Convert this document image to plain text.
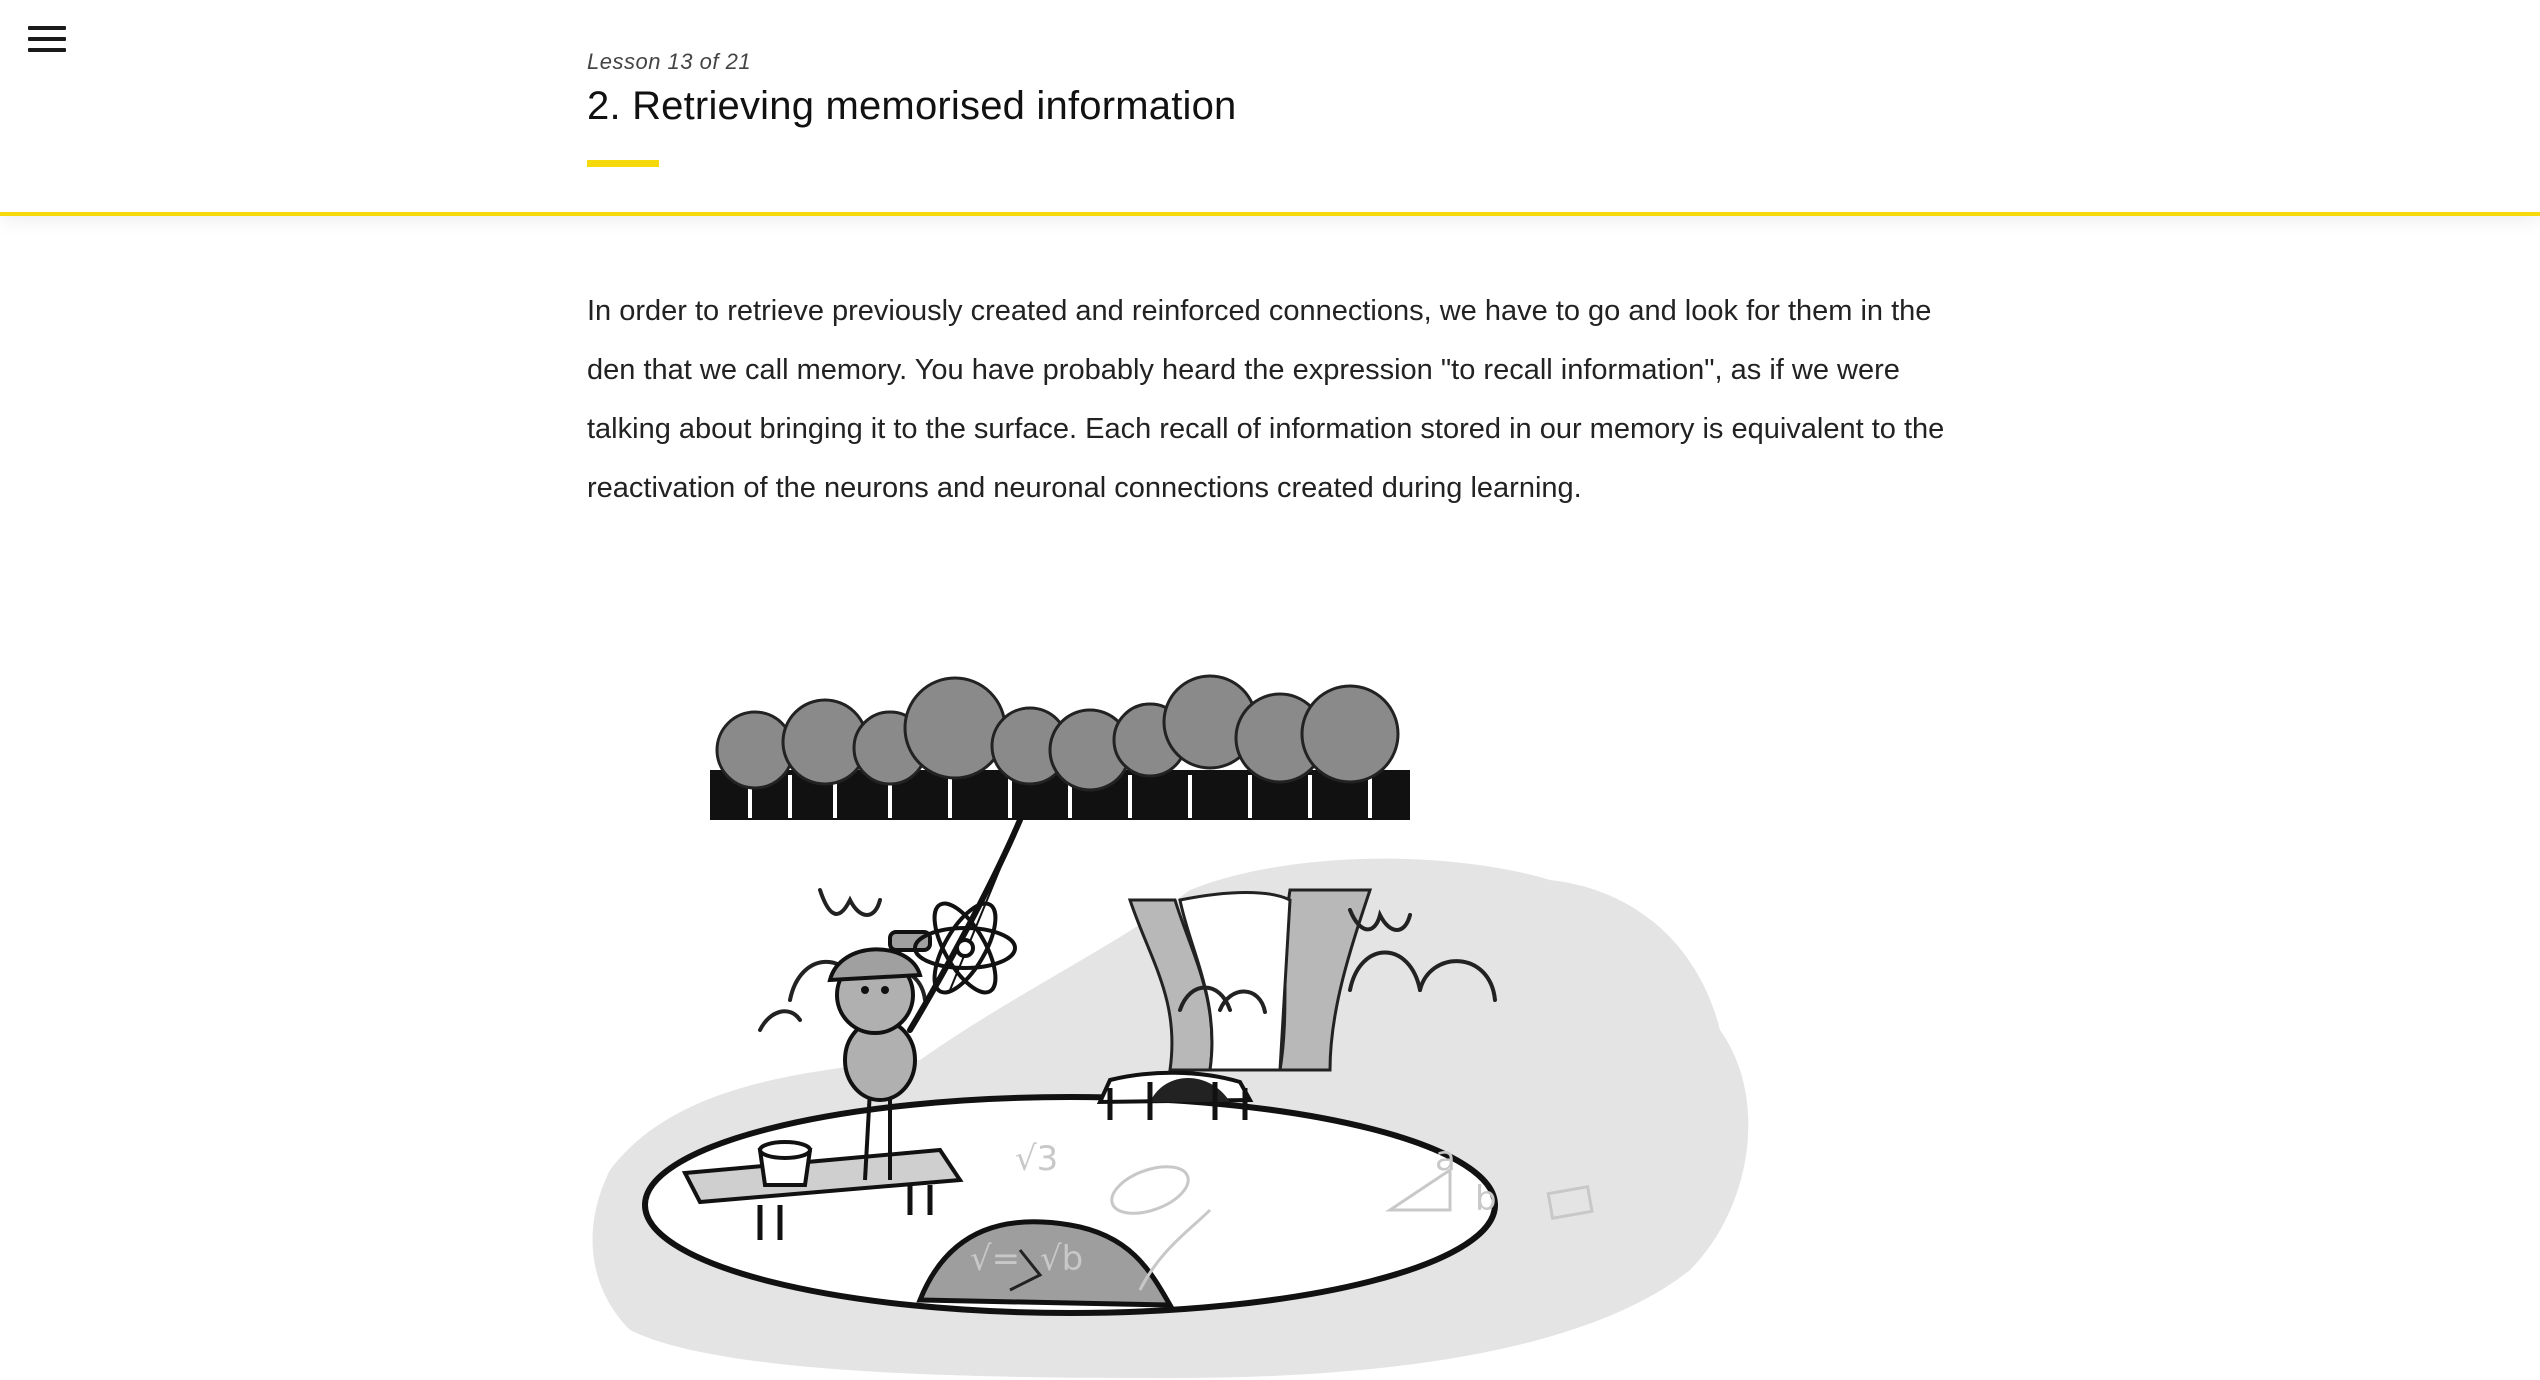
Lesson 13 of 21
2. Retrieving memorised information

In order to retrieve previously created and reinforced connections, we have to go and look for them in the den that we call memory. You have probably heard the expression "to recall information", as if we were talking about bringing it to the surface. Each recall of information stored in our memory is equivalent to the reactivation of the neurons and neuronal connections created during learning.

√3	a
b
√= √b
